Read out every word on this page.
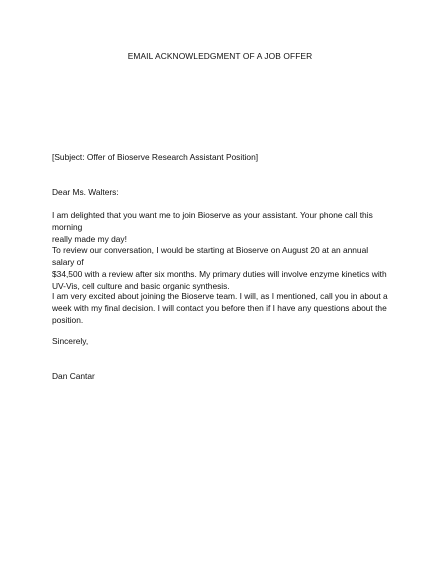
EMAIL ACKNOWLEDGMENT OF A JOB OFFER
[Subject: Offer of Bioserve Research Assistant Position]
Dear Ms. Walters:
I am delighted that you want me to join Bioserve as your assistant. Your phone call this morning
really made my day!
To review our conversation, I would be starting at Bioserve on August 20 at an annual salary of
$34,500 with a review after six months. My primary duties will involve enzyme kinetics with
UV-Vis, cell culture and basic organic synthesis.
I am very excited about joining the Bioserve team. I will, as I mentioned, call you in about a
week with my final decision. I will contact you before then if I have any questions about the
position.
Sincerely,
Dan Cantar
